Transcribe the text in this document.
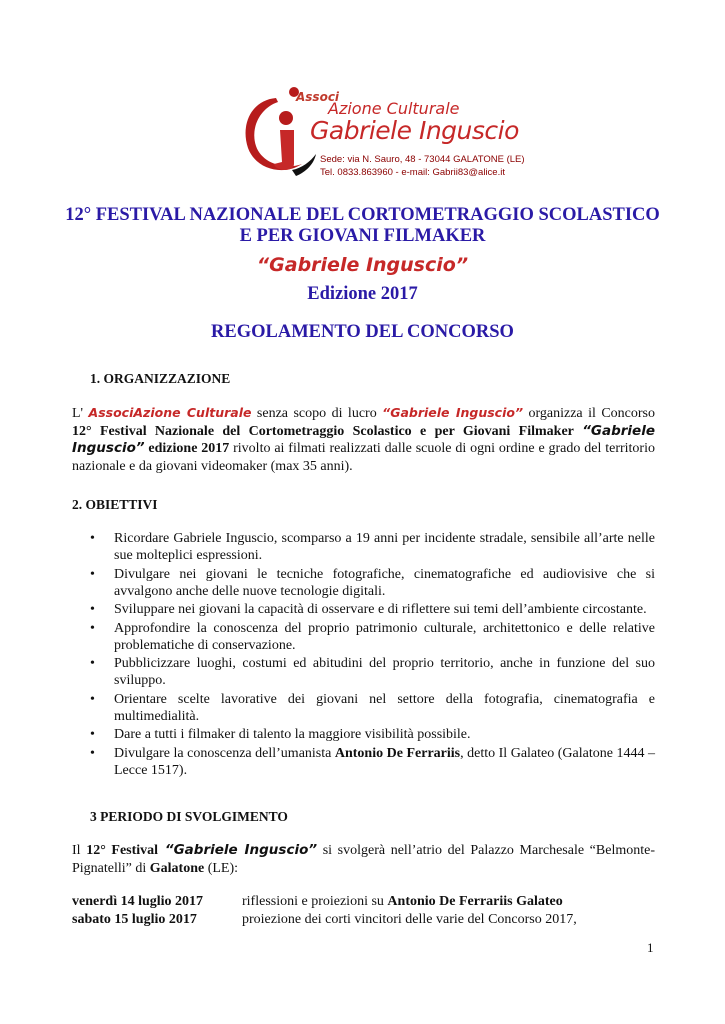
Associ
Azione Culturale
Gabriele Inguscio
Sede: via N. Sauro, 48 - 73044 GALATONE (LE)
Tel. 0833.863960 - e-mail: Gabrii83@alice.it
12° FESTIVAL NAZIONALE DEL CORTOMETRAGGIO SCOLASTICO
E PER GIOVANI FILMAKER
“Gabriele Inguscio”
Edizione 2017
REGOLAMENTO DEL CONCORSO
1. ORGANIZZAZIONE
L' AssociAzione Culturale senza scopo di lucro “Gabriele Inguscio” organizza il Concorso
12° Festival Nazionale del Cortometraggio Scolastico e per Giovani Filmaker “Gabriele Inguscio” edizione 2017 rivolto ai filmati realizzati dalle scuole di ogni ordine e grado del territorio nazionale e da giovani videomaker (max 35 anni).
2. OBIETTIVI
• Ricordare Gabriele Inguscio, scomparso a 19 anni per incidente stradale, sensibile all’arte nelle sue molteplici espressioni.
• Divulgare nei giovani le tecniche fotografiche, cinematografiche ed audiovisive che si avvalgono anche delle nuove tecnologie digitali.
• Sviluppare nei giovani la capacità di osservare e di riflettere sui temi dell’ambiente circostante.
• Approfondire la conoscenza del proprio patrimonio culturale, architettonico e delle relative problematiche di conservazione.
• Pubblicizzare luoghi, costumi ed abitudini del proprio territorio, anche in funzione del suo sviluppo.
• Orientare scelte lavorative dei giovani nel settore della fotografia, cinematografia e multimedialità.
• Dare a tutti i filmaker di talento la maggiore visibilità possibile.
• Divulgare la conoscenza dell’umanista Antonio De Ferrariis, detto Il Galateo (Galatone 1444 – Lecce 1517).
3 PERIODO DI SVOLGIMENTO
Il 12° Festival “Gabriele Inguscio” si svolgerà nell’atrio del Palazzo Marchesale “Belmonte-Pignatelli” di Galatone (LE):
venerdì 14 luglio 2017	riflessioni e proiezioni su Antonio De Ferrariis Galateo
sabato 15 luglio 2017	proiezione dei corti vincitori delle varie del Concorso 2017,
1
